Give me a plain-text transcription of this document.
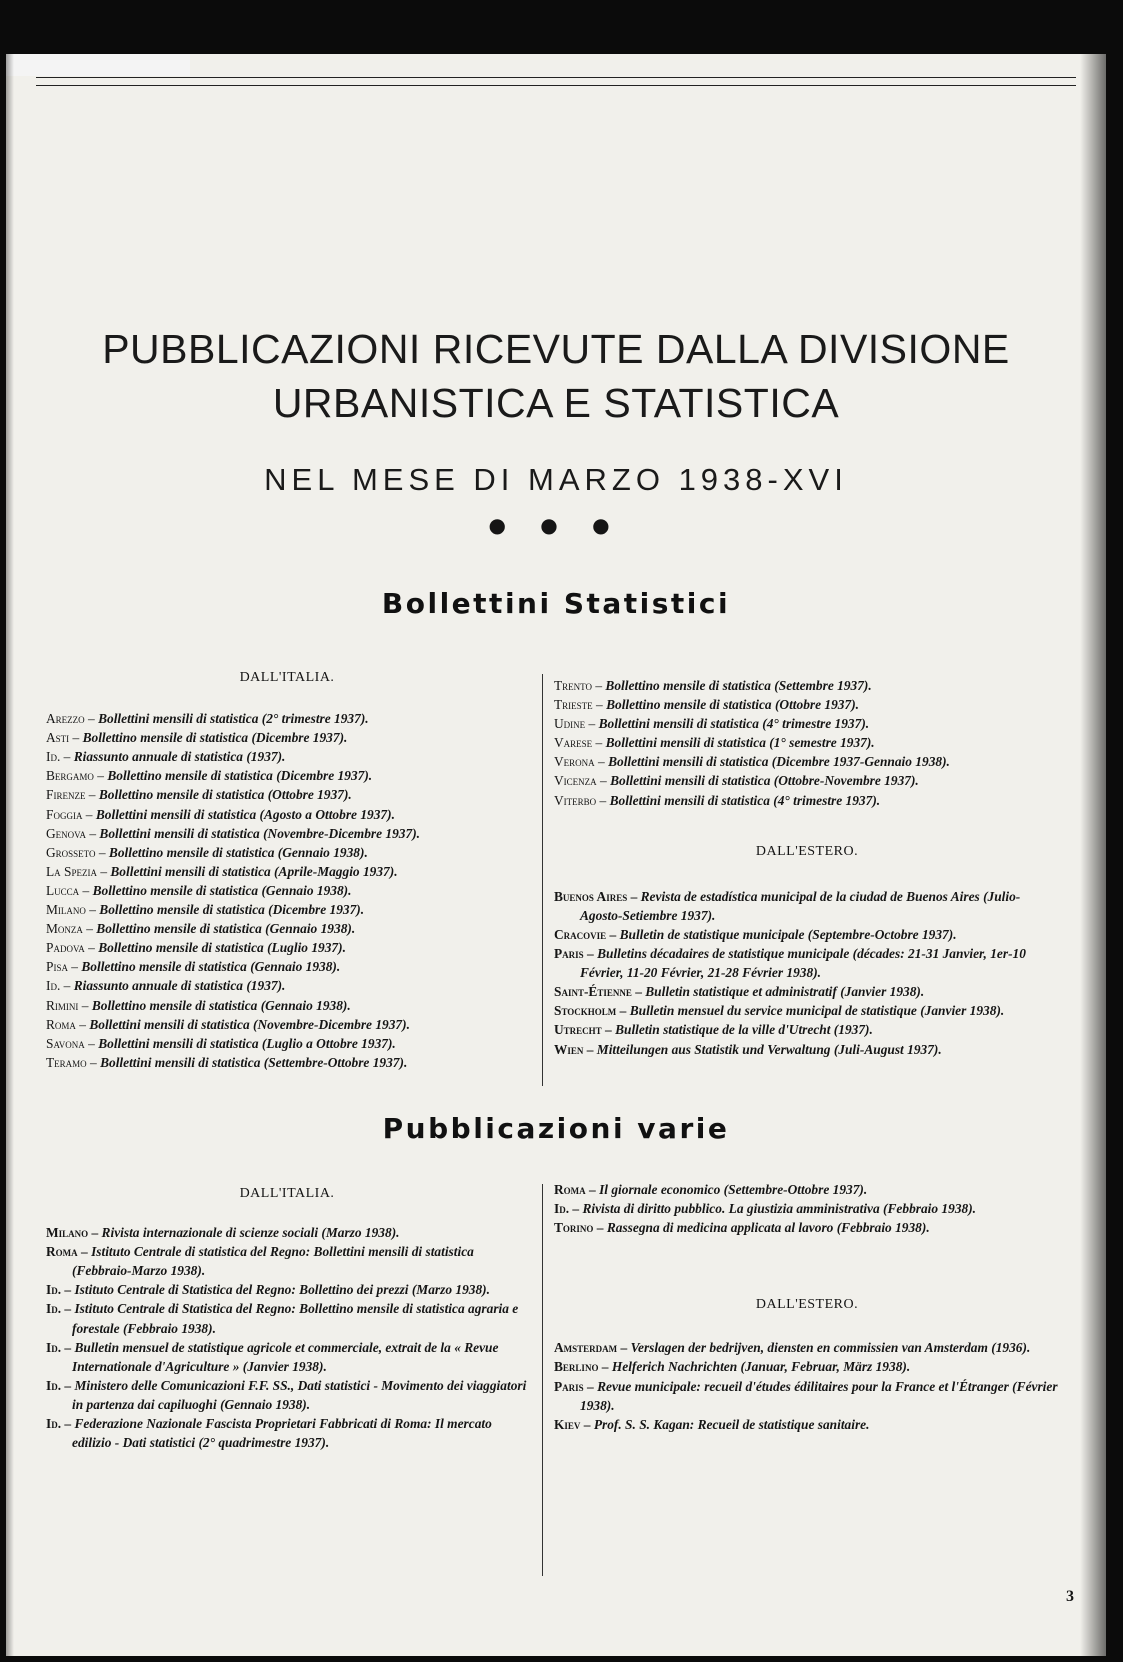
PUBBLICAZIONI RICEVUTE DALLA DIVISIONE
URBANISTICA E STATISTICA
NEL MESE DI MARZO 1938-XVI
● ● ●
Bollettini Statistici
DALL'ITALIA.

Arezzo – Bollettini mensili di statistica (2° trimestre 1937).

Asti – Bollettino mensile di statistica (Dicembre 1937).

Id. – Riassunto annuale di statistica (1937).

Bergamo – Bollettino mensile di statistica (Dicembre 1937).

Firenze – Bollettino mensile di statistica (Ottobre 1937).

Foggia – Bollettini mensili di statistica (Agosto a Ottobre 1937).

Genova – Bollettini mensili di statistica (Novembre-Dicembre 1937).

Grosseto – Bollettino mensile di statistica (Gennaio 1938).

La Spezia – Bollettini mensili di statistica (Aprile-Maggio 1937).

Lucca – Bollettino mensile di statistica (Gennaio 1938).

Milano – Bollettino mensile di statistica (Dicembre 1937).

Monza – Bollettino mensile di statistica (Gennaio 1938).

Padova – Bollettino mensile di statistica (Luglio 1937).

Pisa – Bollettino mensile di statistica (Gennaio 1938).

Id. – Riassunto annuale di statistica (1937).

Rimini – Bollettino mensile di statistica (Gennaio 1938).

Roma – Bollettini mensili di statistica (Novembre-Dicembre 1937).

Savona – Bollettini mensili di statistica (Luglio a Ottobre 1937).

Teramo – Bollettini mensili di statistica (Settembre-Ottobre 1937).

Trento – Bollettino mensile di statistica (Settembre 1937).

Trieste – Bollettino mensile di statistica (Ottobre 1937).

Udine – Bollettini mensili di statistica (4° trimestre 1937).

Varese – Bollettini mensili di statistica (1° semestre 1937).

Verona – Bollettini mensili di statistica (Dicembre 1937-Gennaio 1938).

Vicenza – Bollettini mensili di statistica (Ottobre-Novembre 1937).

Viterbo – Bollettini mensili di statistica (4° trimestre 1937).

DALL'ESTERO.

Buenos Aires – Revista de estadística municipal de la ciudad de Buenos Aires (Julio-Agosto-Setiembre 1937).

Cracovie – Bulletin de statistique municipale (Septembre-Octobre 1937).

Paris – Bulletins décadaires de statistique municipale (décades: 21-31 Janvier, 1er-10 Février, 11-20 Février, 21-28 Février 1938).

Saint-Étienne – Bulletin statistique et administratif (Janvier 1938).

Stockholm – Bulletin mensuel du service municipal de statistique (Janvier 1938).

Utrecht – Bulletin statistique de la ville d'Utrecht (1937).

Wien – Mitteilungen aus Statistik und Verwaltung (Juli-August 1937).

Pubblicazioni varie
DALL'ITALIA.

Milano – Rivista internazionale di scienze sociali (Marzo 1938).

Roma – Istituto Centrale di statistica del Regno: Bollettini mensili di statistica (Febbraio-Marzo 1938).

Id. – Istituto Centrale di Statistica del Regno: Bollettino dei prezzi (Marzo 1938).

Id. – Istituto Centrale di Statistica del Regno: Bollettino mensile di statistica agraria e forestale (Febbraio 1938).

Id. – Bulletin mensuel de statistique agricole et commerciale, extrait de la « Revue Internationale d'Agriculture » (Janvier 1938).

Id. – Ministero delle Comunicazioni F.F. SS., Dati statistici - Movimento dei viaggiatori in partenza dai capiluoghi (Gennaio 1938).

Id. – Federazione Nazionale Fascista Proprietari Fabbricati di Roma: Il mercato edilizio - Dati statistici (2° quadrimestre 1937).

Roma – Il giornale economico (Settembre-Ottobre 1937).

Id. – Rivista di diritto pubblico. La giustizia amministrativa (Febbraio 1938).

Torino – Rassegna di medicina applicata al lavoro (Febbraio 1938).

DALL'ESTERO.

Amsterdam – Verslagen der bedrijven, diensten en commissien van Amsterdam (1936).

Berlino – Helferich Nachrichten (Januar, Februar, März 1938).

Paris – Revue municipale: recueil d'études édilitaires pour la France et l'Étranger (Février 1938).

Kiev – Prof. S. S. Kagan: Recueil de statistique sanitaire.

3
